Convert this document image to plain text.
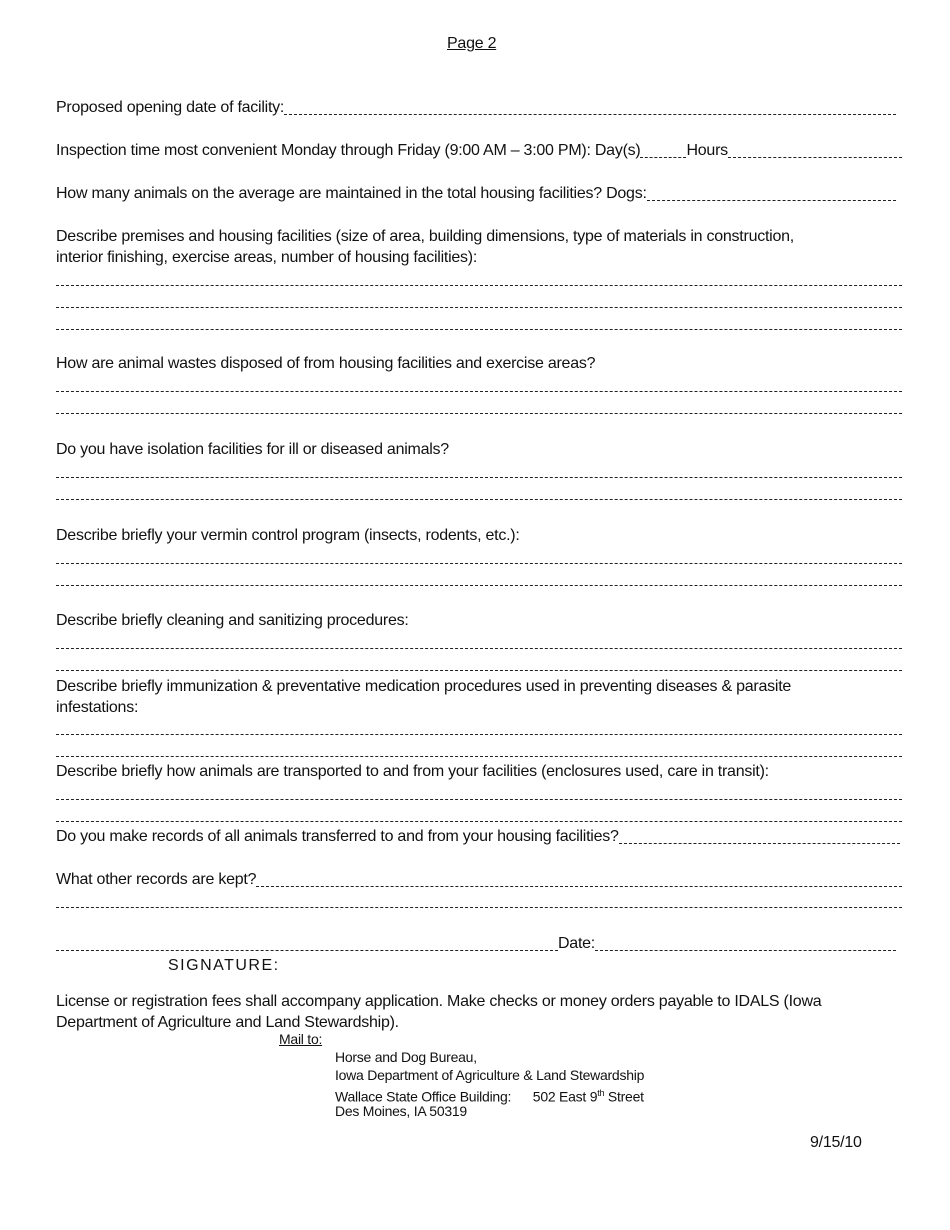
Page 2
Proposed opening date of facility:
Inspection time most convenient Monday through Friday (9:00 AM – 3:00 PM): Day(s)	Hours
How many animals on the average are maintained in the total housing facilities? Dogs:
Describe premises and housing facilities (size of area, building dimensions, type of materials in construction,
interior finishing, exercise areas, number of housing facilities):
How are animal wastes disposed of from housing facilities and exercise areas?
Do you have isolation facilities for ill or diseased animals?
Describe briefly your vermin control program (insects, rodents, etc.):
Describe briefly cleaning and sanitizing procedures:
Describe briefly immunization & preventative medication procedures used in preventing diseases & parasite
infestations:
Describe briefly how animals are transported to and from your facilities (enclosures used, care in transit):
Do you make records of all animals transferred to and from your housing facilities?
What other records are kept?
Date:
SIGNATURE:
License or registration fees shall accompany application. Make checks or money orders payable to IDALS (Iowa
Department of Agriculture and Land Stewardship).
Mail to:
Horse and Dog Bureau,
Iowa Department of Agriculture & Land Stewardship
Wallace State Office Building: 502 East 9th Street
Des Moines, IA 50319
9/15/10
